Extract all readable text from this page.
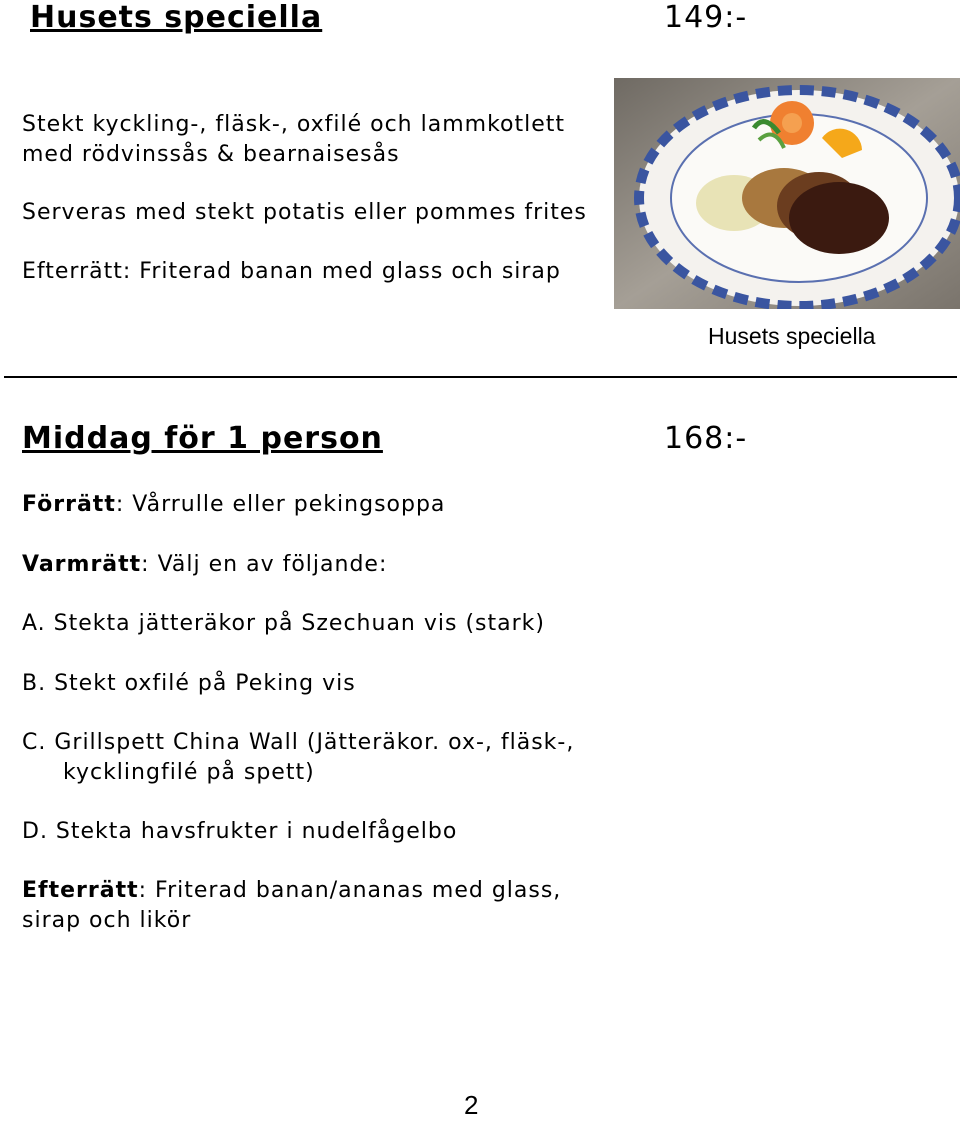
Husets speciella	149:-
Stekt kyckling-, fläsk-, oxfilé och lammkotlett
med rödvinssås & bearnaisesås
Serveras med stekt potatis eller pommes frites
Efterrätt: Friterad banan med glass och sirap
Husets speciella
Middag för 1 person	168:-
Förrätt: Vårrulle eller pekingsoppa
Varmrätt: Välj en av följande:
A. Stekta jätteräkor på Szechuan vis (stark)
B. Stekt oxfilé på Peking vis
C. Grillspett China Wall (Jätteräkor. ox-, fläsk-,
kycklingfilé på spett)
D. Stekta havsfrukter i nudelfågelbo
Efterrätt: Friterad banan/ananas med glass,
sirap och likör
2
